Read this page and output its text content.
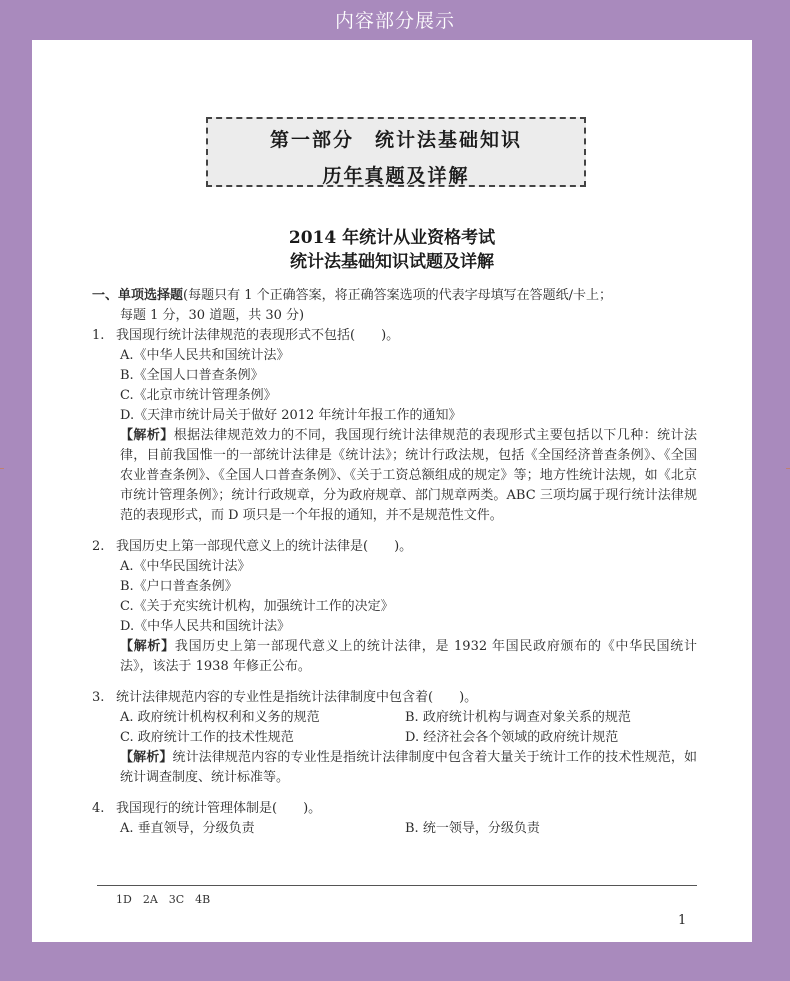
内容部分展示
第一部分　统计法基础知识
历年真题及详解
2014 年统计从业资格考试
统计法基础知识试题及详解
一、单项选择题(每题只有 1 个正确答案，将正确答案选项的代表字母填写在答题纸/卡上；
每题 1 分，30 道题，共 30 分)
1. 我国现行统计法律规范的表现形式不包括(　　)。
A.《中华人民共和国统计法》
B.《全国人口普查条例》
C.《北京市统计管理条例》
D.《天津市统计局关于做好 2012 年统计年报工作的通知》
【解析】根据法律规范效力的不同，我国现行统计法律规范的表现形式主要包括以下几种：统计法律，目前我国惟一的一部统计法律是《统计法》；统计行政法规，包括《全国经济普查条例》、《全国农业普查条例》、《全国人口普查条例》、《关于工资总额组成的规定》等；地方性统计法规，如《北京市统计管理条例》；统计行政规章，分为政府规章、部门规章两类。ABC 三项均属于现行统计法律规范的表现形式，而 D 项只是一个年报的通知，并不是规范性文件。
2. 我国历史上第一部现代意义上的统计法律是(　　)。
A.《中华民国统计法》
B.《户口普查条例》
C.《关于充实统计机构，加强统计工作的决定》
D.《中华人民共和国统计法》
【解析】我国历史上第一部现代意义上的统计法律，是 1932 年国民政府颁布的《中华民国统计法》，该法于 1938 年修正公布。
3. 统计法律规范内容的专业性是指统计法律制度中包含着(　　)。
A. 政府统计机构权利和义务的规范	B. 政府统计机构与调查对象关系的规范
C. 政府统计工作的技术性规范	D. 经济社会各个领域的政府统计规范
【解析】统计法律规范内容的专业性是指统计法律制度中包含着大量关于统计工作的技术性规范，如统计调查制度、统计标准等。
4. 我国现行的统计管理体制是(　　)。
A. 垂直领导，分级负责	B. 统一领导，分级负责
1D　2A　3C　4B
1
